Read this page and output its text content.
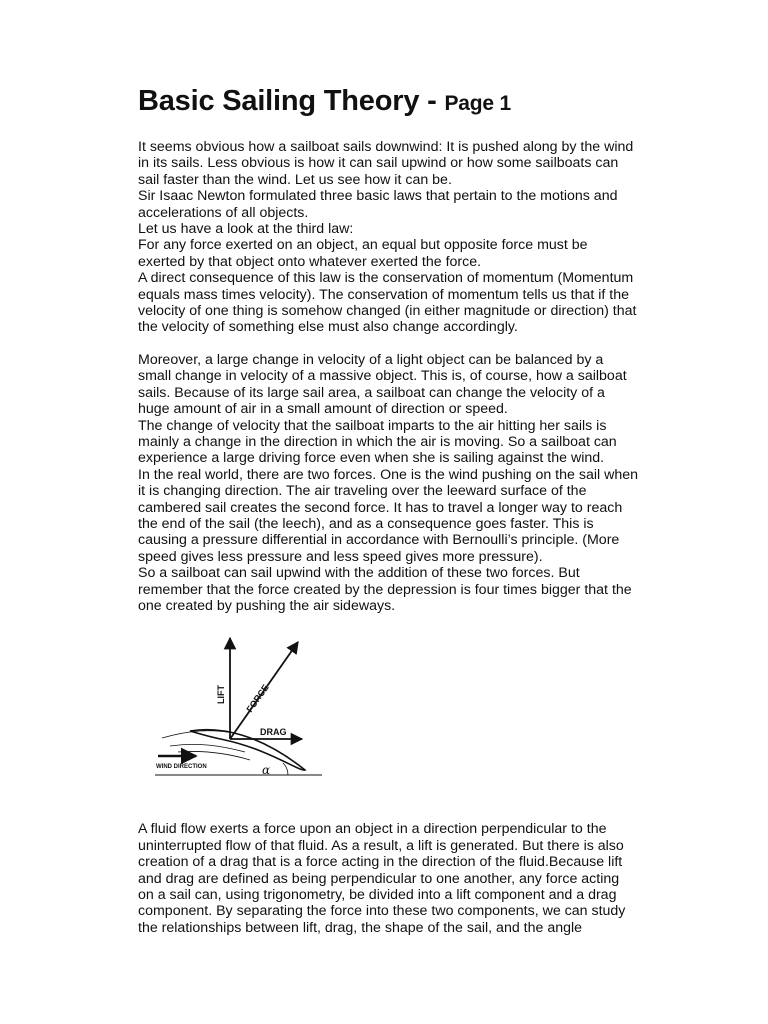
Basic Sailing Theory - Page 1

It seems obvious how a sailboat sails downwind: It is pushed along by the wind in its sails. Less obvious is how it can sail upwind or how some sailboats can sail faster than the wind. Let us see how it can be.

Sir Isaac Newton formulated three basic laws that pertain to the motions and accelerations of all objects.

Let us have a look at the third law:

For any force exerted on an object, an equal but opposite force must be exerted by that object onto whatever exerted the force.

A direct consequence of this law is the conservation of momentum (Momentum equals mass times velocity). The conservation of momentum tells us that if the velocity of one thing is somehow changed (in either magnitude or direction) that the velocity of something else must also change accordingly.

Moreover, a large change in velocity of a light object can be balanced by a small change in velocity of a massive object. This is, of course, how a sailboat sails. Because of its large sail area, a sailboat can change the velocity of a huge amount of air in a small amount of direction or speed.

The change of velocity that the sailboat imparts to the air hitting her sails is mainly a change in the direction in which the air is moving. So a sailboat can experience a large driving force even when she is sailing against the wind.

In the real world, there are two forces. One is the wind pushing on the sail when it is changing direction. The air traveling over the leeward surface of the cambered sail creates the second force. It has to travel a longer way to reach the end of the sail (the leech), and as a consequence goes faster. This is causing a pressure differential in accordance with Bernoulli’s principle. (More speed gives less pressure and less speed gives more pressure).

So a sailboat can sail upwind with the addition of these two forces. But remember that the force created by the depression is four times bigger that the one created by pushing the air sideways.

LIFT FORCE
DRAG
WIND DIRECTION	α

A fluid flow exerts a force upon an object in a direction perpendicular to the uninterrupted flow of that fluid. As a result, a lift is generated. But there is also creation of a drag that is a force acting in the direction of the fluid.Because lift and drag are defined as being perpendicular to one another, any force acting on a sail can, using trigonometry, be divided into a lift component and a drag component. By separating the force into these two components, we can study the relationships between lift, drag, the shape of the sail, and the angle
